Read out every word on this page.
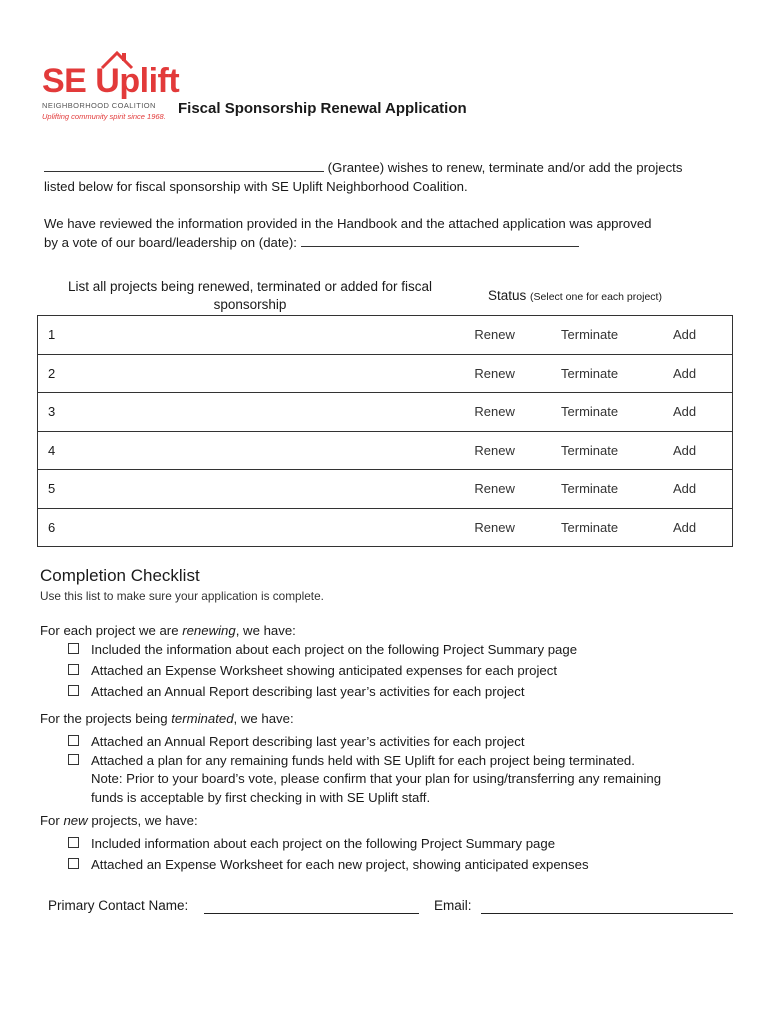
SE Uplift
NEIGHBORHOOD COALITION
Uplifting community spirit since 1968. Fiscal Sponsorship Renewal Application
(Grantee) wishes to renew, terminate and/or add the projects
listed below for fiscal sponsorship with SE Uplift Neighborhood Coalition.
We have reviewed the information provided in the Handbook and the attached application was approved
by a vote of our board/leadership on (date):
List all projects being renewed, terminated or added for fiscal sponsorship
Status (Select one for each project)
1	Renew	Terminate	Add
2	Renew	Terminate	Add
3	Renew	Terminate	Add
4	Renew	Terminate	Add
5	Renew	Terminate	Add
6	Renew	Terminate	Add
Completion Checklist
Use this list to make sure your application is complete.
For each project we are renewing, we have:
Included the information about each project on the following Project Summary page
Attached an Expense Worksheet showing anticipated expenses for each project
Attached an Annual Report describing last year’s activities for each project
For the projects being terminated, we have:
Attached an Annual Report describing last year’s activities for each project
Attached a plan for any remaining funds held with SE Uplift for each project being terminated.
Note: Prior to your board’s vote, please confirm that your plan for using/transferring any remaining
funds is acceptable by first checking in with SE Uplift staff.
For new projects, we have:
Included information about each project on the following Project Summary page
Attached an Expense Worksheet for each new project, showing anticipated expenses
Primary Contact Name:	Email:
